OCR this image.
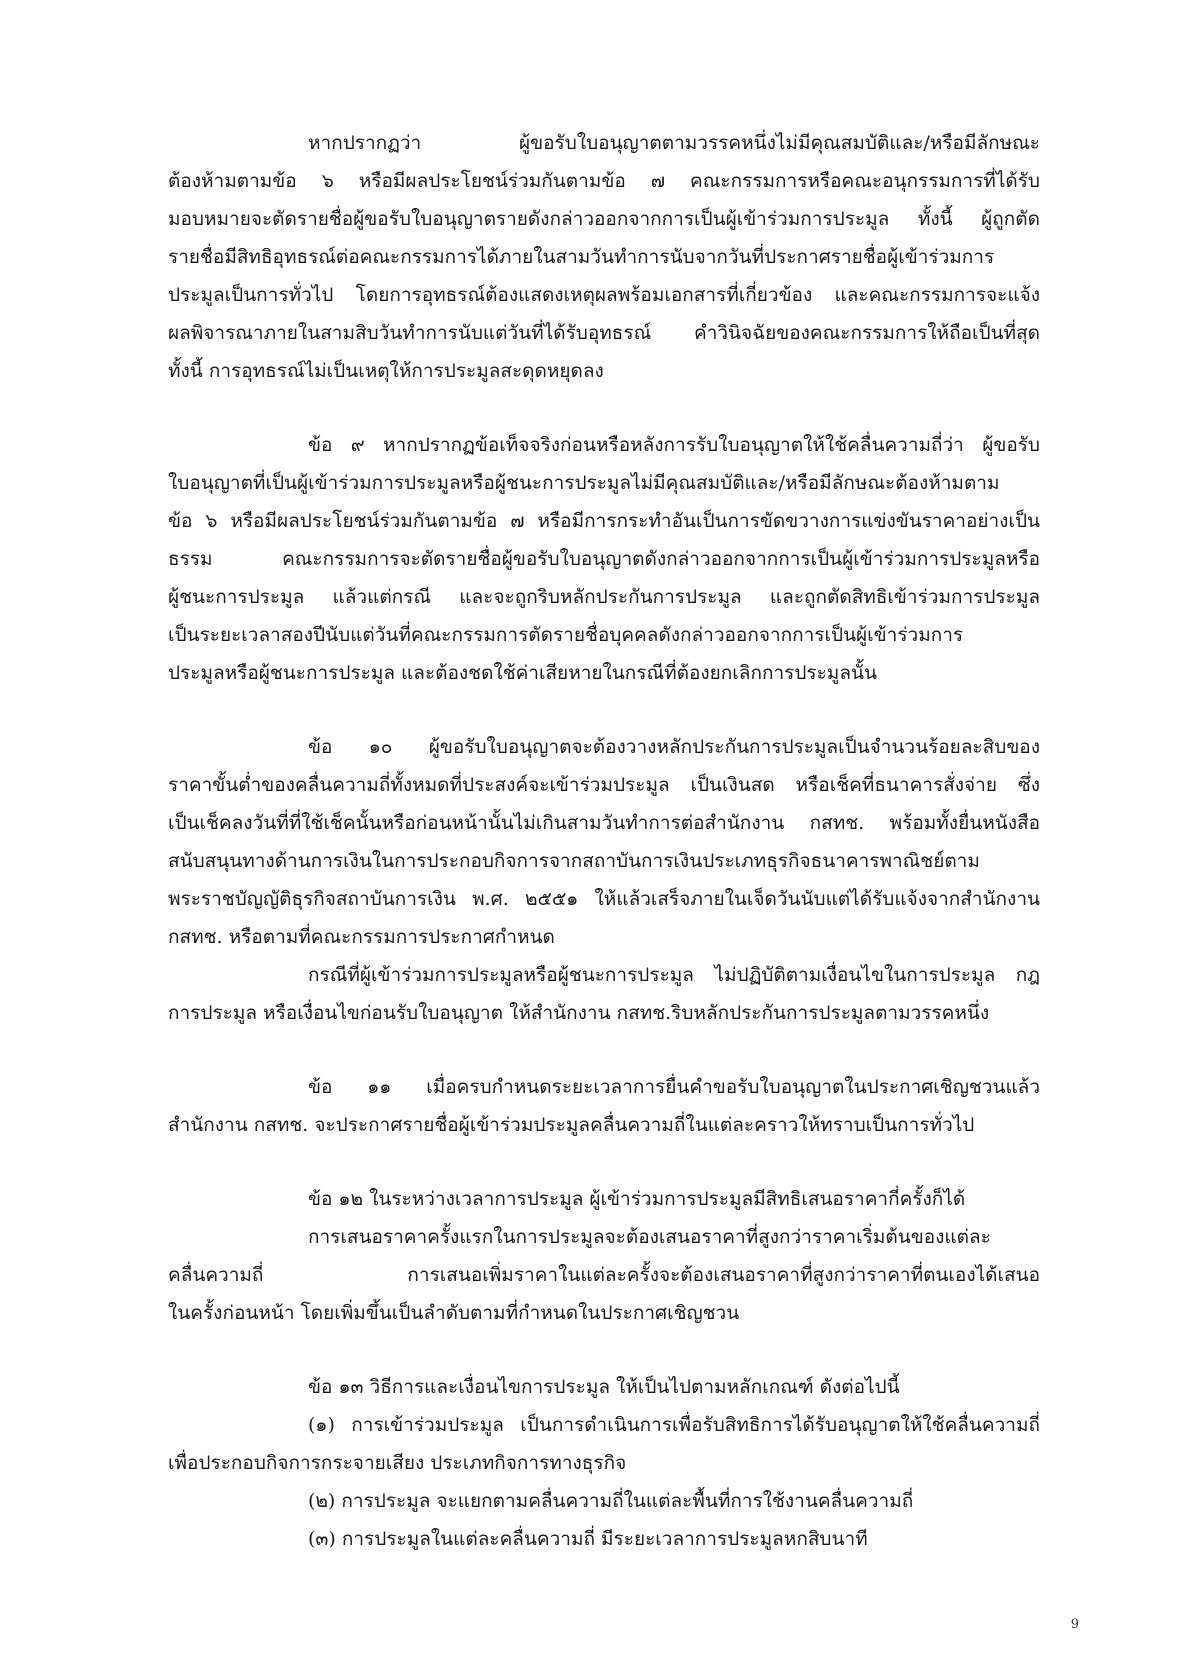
หากปรากฏว่า ผู้ขอรับใบอนุญาตตามวรรคหนึ่งไม่มีคุณสมบัติและ/หรือมีลักษณะ
ต้องห้ามตามข้อ ๖ หรือมีผลประโยชน์ร่วมกันตามข้อ ๗ คณะกรรมการหรือคณะอนุกรรมการที่ได้รับ
มอบหมายจะตัดรายชื่อผู้ขอรับใบอนุญาตรายดังกล่าวออกจากการเป็นผู้เข้าร่วมการประมูล ทั้งนี้ ผู้ถูกตัด
รายชื่อมีสิทธิอุทธรณ์ต่อคณะกรรมการได้ภายในสามวันทำการนับจากวันที่ประกาศรายชื่อผู้เข้าร่วมการ
ประมูลเป็นการทั่วไป โดยการอุทธรณ์ต้องแสดงเหตุผลพร้อมเอกสารที่เกี่ยวข้อง และคณะกรรมการจะแจ้ง
ผลพิจารณาภายในสามสิบวันทำการนับแต่วันที่ได้รับอุทธรณ์ คำวินิจฉัยของคณะกรรมการให้ถือเป็นที่สุด
ทั้งนี้ การอุทธรณ์ไม่เป็นเหตุให้การประมูลสะดุดหยุดลง
ข้อ ๙ หากปรากฏข้อเท็จจริงก่อนหรือหลังการรับใบอนุญาตให้ใช้คลื่นความถี่ว่า ผู้ขอรับ
ใบอนุญาตที่เป็นผู้เข้าร่วมการประมูลหรือผู้ชนะการประมูลไม่มีคุณสมบัติและ/หรือมีลักษณะต้องห้ามตาม
ข้อ ๖ หรือมีผลประโยชน์ร่วมกันตามข้อ ๗ หรือมีการกระทำอันเป็นการขัดขวางการแข่งขันราคาอย่างเป็น
ธรรม คณะกรรมการจะตัดรายชื่อผู้ขอรับใบอนุญาตดังกล่าวออกจากการเป็นผู้เข้าร่วมการประมูลหรือ
ผู้ชนะการประมูล แล้วแต่กรณี และจะถูกริบหลักประกันการประมูล และถูกตัดสิทธิเข้าร่วมการประมูล
เป็นระยะเวลาสองปีนับแต่วันที่คณะกรรมการตัดรายชื่อบุคคลดังกล่าวออกจากการเป็นผู้เข้าร่วมการ
ประมูลหรือผู้ชนะการประมูล และต้องชดใช้ค่าเสียหายในกรณีที่ต้องยกเลิกการประมูลนั้น
ข้อ ๑๐ ผู้ขอรับใบอนุญาตจะต้องวางหลักประกันการประมูลเป็นจำนวนร้อยละสิบของ
ราคาขั้นต่ำของคลื่นความถี่ทั้งหมดที่ประสงค์จะเข้าร่วมประมูล เป็นเงินสด หรือเช็คที่ธนาคารสั่งจ่าย ซึ่ง
เป็นเช็คลงวันที่ที่ใช้เช็คนั้นหรือก่อนหน้านั้นไม่เกินสามวันทำการต่อสำนักงาน กสทช. พร้อมทั้งยื่นหนังสือ
สนับสนุนทางด้านการเงินในการประกอบกิจการจากสถาบันการเงินประเภทธุรกิจธนาคารพาณิชย์ตาม
พระราชบัญญัติธุรกิจสถาบันการเงิน พ.ศ. ๒๕๕๑ ให้แล้วเสร็จภายในเจ็ดวันนับแต่ได้รับแจ้งจากสำนักงาน
กสทช. หรือตามที่คณะกรรมการประกาศกำหนด
กรณีที่ผู้เข้าร่วมการประมูลหรือผู้ชนะการประมูล ไม่ปฏิบัติตามเงื่อนไขในการประมูล กฎ
การประมูล หรือเงื่อนไขก่อนรับใบอนุญาต ให้สำนักงาน กสทช.ริบหลักประกันการประมูลตามวรรคหนึ่ง
ข้อ ๑๑ เมื่อครบกำหนดระยะเวลาการยื่นคำขอรับใบอนุญาตในประกาศเชิญชวนแล้ว
สำนักงาน กสทช. จะประกาศรายชื่อผู้เข้าร่วมประมูลคลื่นความถี่ในแต่ละคราวให้ทราบเป็นการทั่วไป
ข้อ ๑๒ ในระหว่างเวลาการประมูล ผู้เข้าร่วมการประมูลมีสิทธิเสนอราคากี่ครั้งก็ได้
การเสนอราคาครั้งแรกในการประมูลจะต้องเสนอราคาที่สูงกว่าราคาเริ่มต้นของแต่ละ
คลื่นความถี่ การเสนอเพิ่มราคาในแต่ละครั้งจะต้องเสนอราคาที่สูงกว่าราคาที่ตนเองได้เสนอ
ในครั้งก่อนหน้า โดยเพิ่มขึ้นเป็นลำดับตามที่กำหนดในประกาศเชิญชวน
ข้อ ๑๓ วิธีการและเงื่อนไขการประมูล ให้เป็นไปตามหลักเกณฑ์ ดังต่อไปนี้
(๑) การเข้าร่วมประมูล เป็นการดำเนินการเพื่อรับสิทธิการได้รับอนุญาตให้ใช้คลื่นความถี่
เพื่อประกอบกิจการกระจายเสียง ประเภทกิจการทางธุรกิจ
(๒) การประมูล จะแยกตามคลื่นความถี่ในแต่ละพื้นที่การใช้งานคลื่นความถี่
(๓) การประมูลในแต่ละคลื่นความถี่ มีระยะเวลาการประมูลหกสิบนาที
9
